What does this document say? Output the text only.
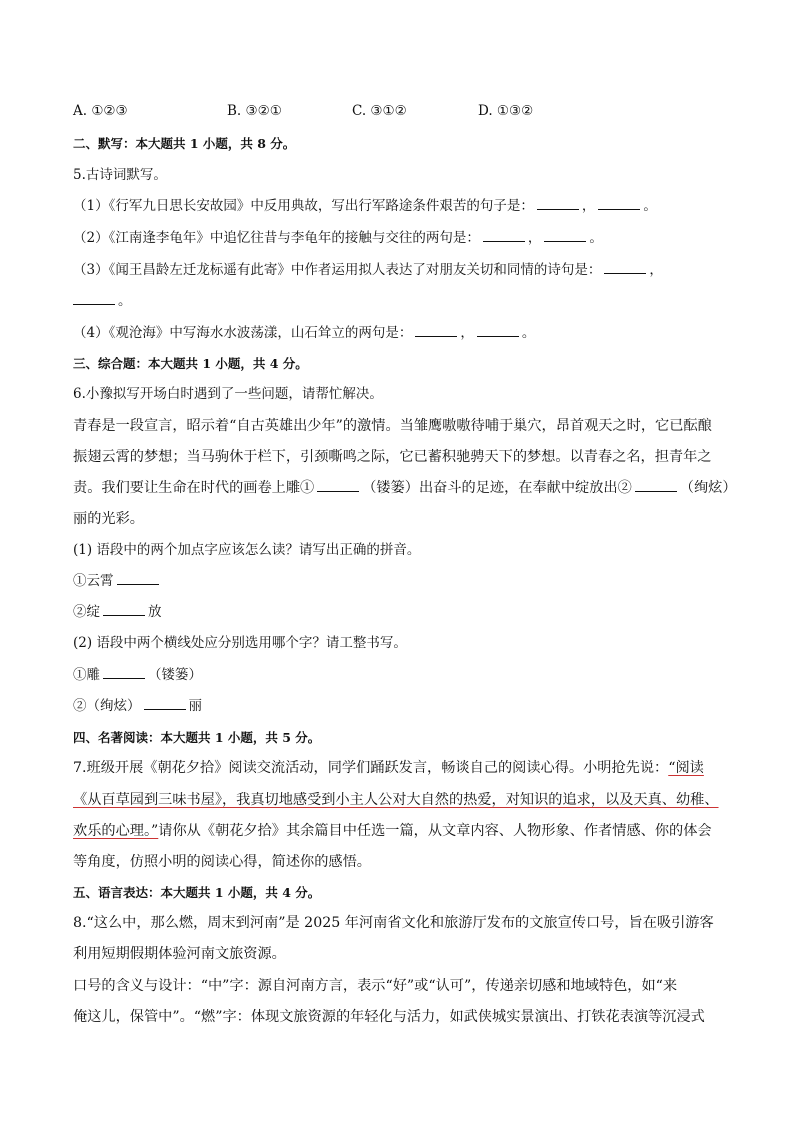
A. ①②③	B. ③②①	C. ③①②	D. ①③②
二、默写：本大题共 1 小题，共 8 分。
5.古诗词默写。
（1）《行军九日思长安故园》中反用典故，写出行军路途条件艰苦的句子是：	，	。
（2）《江南逢李龟年》中追忆往昔与李龟年的接触与交往的两句是：	，	。
（3）《闻王昌龄左迁龙标遥有此寄》中作者运用拟人表达了对朋友关切和同情的诗句是：	，
。
（4）《观沧海》中写海水水波荡漾，山石耸立的两句是：	，	。
三、综合题：本大题共 1 小题，共 4 分。
6.小豫拟写开场白时遇到了一些问题，请帮忙解决。
青春是一段宣言，昭示着“自古英雄出少年”的激情。当雏鹰嗷嗷待哺于巢穴，昂首观天之时，它已酝酿
振翅云霄的梦想；当马驹休于栏下，引颈嘶鸣之际，它已蓄积驰骋天下的梦想。以青春之名，担青年之
责。我们要让生命在时代的画卷上雕①	（镂篓）出奋斗的足迹，在奉献中绽放出②	（绚炫）
丽的光彩。
(1) 语段中的两个加点字应该怎么读？请写出正确的拼音。
①云霄
②绽	放
(2) 语段中两个横线处应分别选用哪个字？请工整书写。
①雕	（镂篓）
②（绚炫）	丽
四、名著阅读：本大题共 1 小题，共 5 分。
7.班级开展《朝花夕拾》阅读交流活动，同学们踊跃发言，畅谈自己的阅读心得。小明抢先说：“阅读
《从百草园到三味书屋》，我真切地感受到小主人公对大自然的热爱，对知识的追求，以及天真、幼稚、
欢乐的心理。”请你从《朝花夕拾》其余篇目中任选一篇，从文章内容、人物形象、作者情感、你的体会
等角度，仿照小明的阅读心得，简述你的感悟。
五、语言表达：本大题共 1 小题，共 4 分。
8.“这么中，那么燃，周末到河南”是 2025 年河南省文化和旅游厅发布的文旅宣传口号，旨在吸引游客
利用短期假期体验河南文旅资源。
口号的含义与设计：“中”字：源自河南方言，表示“好”或“认可”，传递亲切感和地域特色，如“来
俺这儿，保管中”。“燃”字：体现文旅资源的年轻化与活力，如武侠城实景演出、打铁花表演等沉浸式
